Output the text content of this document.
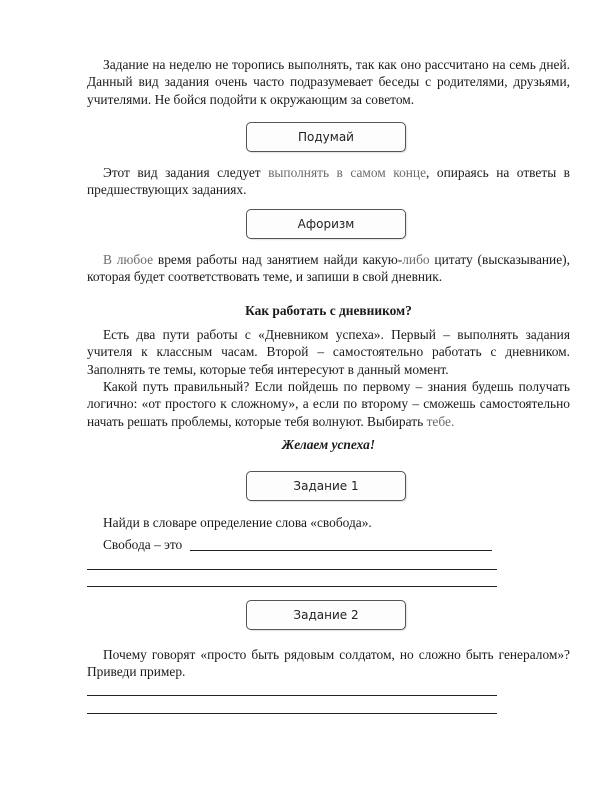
Задание на неделю не торопись выполнять, так как оно рассчитано на семь дней. Данный вид задания очень часто подразумевает беседы с родителями, друзьями, учителями. Не бойся подойти к окружающим за советом.

Подумай

Этот вид задания следует выполнять в самом конце, опираясь на ответы в предшествующих заданиях.

Афоризм

В любое время работы над занятием найди какую-либо цитату (высказывание), которая будет соответствовать теме, и запиши в свой дневник.

Как работать с дневником?

Есть два пути работы с «Дневником успеха». Первый – выполнять задания учителя к классным часам. Второй – самостоятельно работать с дневником. Заполнять те темы, которые тебя интересуют в данный момент.

Какой путь правильный? Если пойдешь по первому – знания будешь получать логично: «от простого к сложному», а если по второму – сможешь самостоятельно начать решать проблемы, которые тебя волнуют. Выбирать тебе.

Желаем успеха!

Задание 1

Найди в словаре определение слова «свобода».

Свобода – это

Задание 2

Почему говорят «просто быть рядовым солдатом, но сложно быть генералом»? Приведи пример.
